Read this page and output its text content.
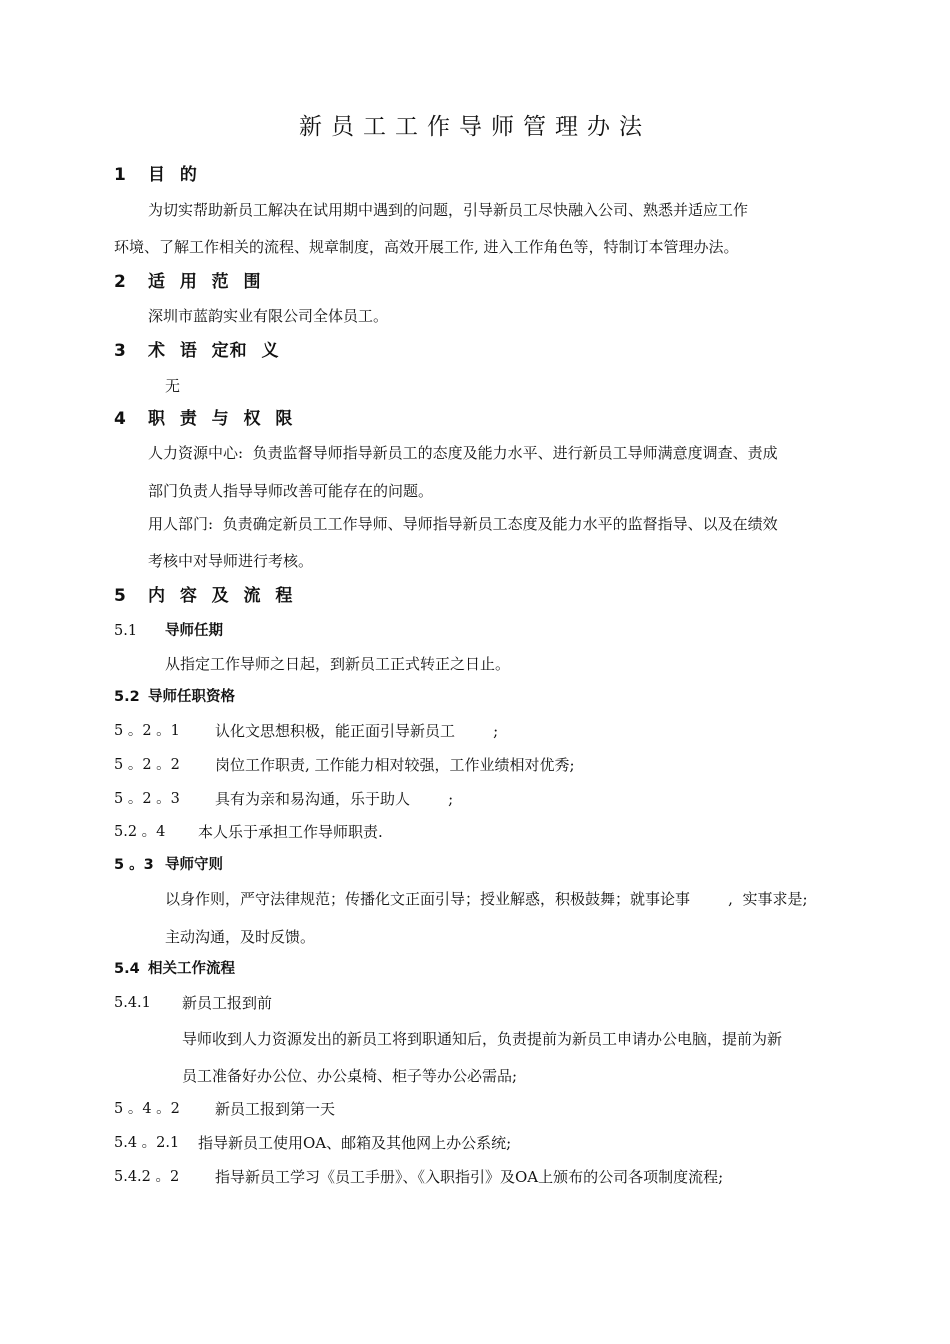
新员工工作导师管理办法
1 目  的
为切实帮助新员工解决在试用期中遇到的问题，引导新员工尽快融入公司、熟悉并适应工作
环境、了解工作相关的流程、规章制度，高效开展工作, 进入工作角色等，特制订本管理办法。
2 适  用  范  围
深圳市蓝韵实业有限公司全体员工。
3 术  语  定和  义
无
4 职  责  与  权  限
人力资源中心:  负责监督导师指导新员工的态度及能力水平、进行新员工导师满意度调查、责成
部门负责人指导导师改善可能存在的问题。
用人部门:  负责确定新员工工作导师、导师指导新员工态度及能力水平的监督指导、以及在绩效
考核中对导师进行考核。
5 内  容  及  流  程
5.1 导师任期
从指定工作导师之日起，到新员工正式转正之日止。
5.2 导师任职资格
5 。2 。1 认化文思想积极，能正面引导新员工        ;
5 。2 。2 岗位工作职责, 工作能力相对较强，工作业绩相对优秀;
5 。2 。3 具有为亲和易沟通，乐于助人        ;
5.2 。4 本人乐于承担工作导师职责.
5 。3 导师守则
以身作则，严守法律规范；传播化文正面引导；授业解惑，积极鼓舞；就事论事        ,  实事求是;
主动沟通，及时反馈。
5.4 相关工作流程
5.4.1 新员工报到前
导师收到人力资源发出的新员工将到职通知后，负责提前为新员工申请办公电脑，提前为新
员工准备好办公位、办公桌椅、柜子等办公必需品;
5 。4 。2 新员工报到第一天
5.4 。2.1 指导新员工使用OA、邮箱及其他网上办公系统;
5.4.2 。2 指导新员工学习《员工手册》、《入职指引》及OA上颁布的公司各项制度流程;
